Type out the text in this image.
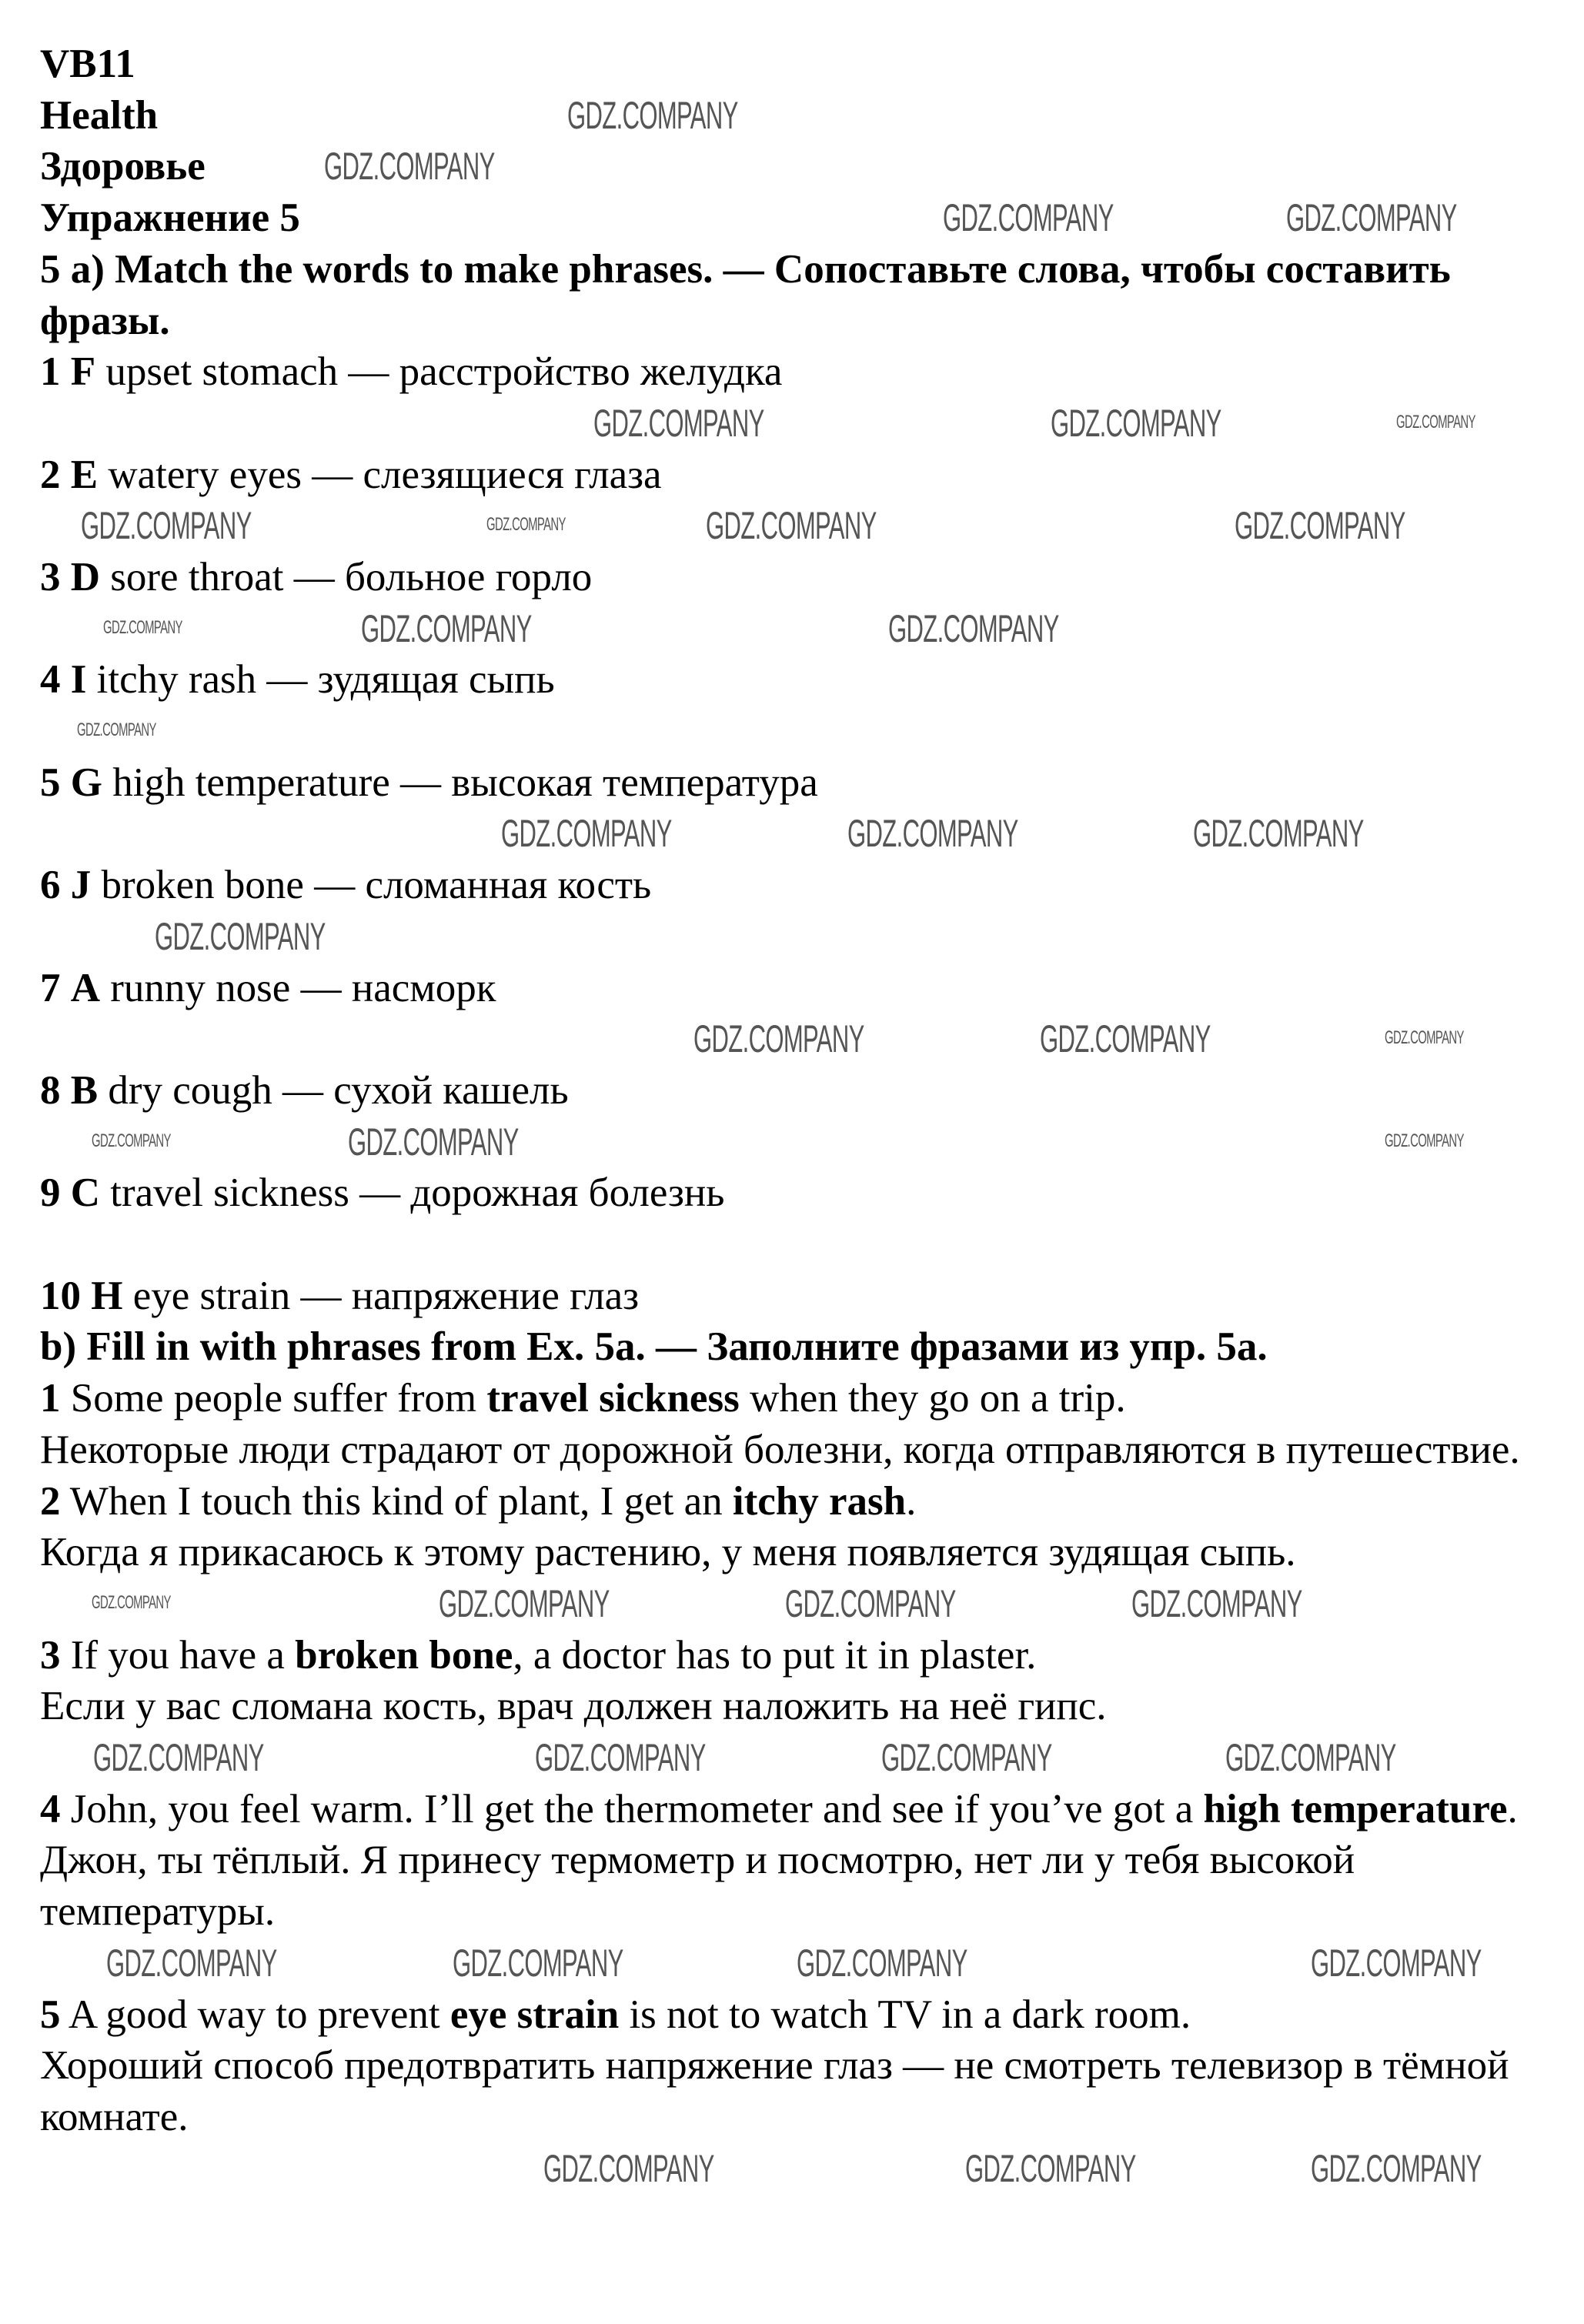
VB11

Health	GDZ.COMPANY

Здоровье	GDZ.COMPANY

Упражнение 5	GDZ.COMPANY	GDZ.COMPANY

5 a) Match the words to make phrases. — Сопоставьте слова, чтобы составить фразы.

1 F upset stomach — расстройство желудка

GDZ.COMPANY	GDZ.COMPANY	GDZ.COMPANY

2 E watery eyes — слезящиеся глаза

GDZ.COMPANY	GDZ.COMPANY	GDZ.COMPANY	GDZ.COMPANY

3 D sore throat — больное горло

GDZ.COMPANY	GDZ.COMPANY	GDZ.COMPANY

4 I itchy rash — зудящая сыпь

GDZ.COMPANY

5 G high temperature — высокая температура

GDZ.COMPANY	GDZ.COMPANY	GDZ.COMPANY

6 J broken bone — сломанная кость

GDZ.COMPANY

7 A runny nose — насморк

GDZ.COMPANY	GDZ.COMPANY	GDZ.COMPANY

8 B dry cough — сухой кашель

GDZ.COMPANY
GDZ.COMPANY	GDZ.COMPANY

9 C travel sickness — дорожная болезнь

10 H eye strain — напряжение глаз

b) Fill in with phrases from Ex. 5a. — Заполните фразами из упр. 5a.

1 Some people suffer from travel sickness when they go on a trip.

Некоторые люди страдают от дорожной болезни, когда отправляются в путешествие.

2 When I touch this kind of plant, I get an itchy rash.

Когда я прикасаюсь к этому растению, у меня появляется зудящая сыпь.

GDZ.COMPANY	GDZ.COMPANY	GDZ.COMPANY	GDZ.COMPANY

3 If you have a broken bone, a doctor has to put it in plaster.

Если у вас сломана кость, врач должен наложить на неё гипс.

GDZ.COMPANY	GDZ.COMPANY	GDZ.COMPANY	GDZ.COMPANY

4 John, you feel warm. I’ll get the thermometer and see if you’ve got a high temperature.

Джон, ты тёплый. Я принесу термометр и посмотрю, нет ли у тебя высокой температуры.

GDZ.COMPANY	GDZ.COMPANY	GDZ.COMPANY	GDZ.COMPANY

5 A good way to prevent eye strain is not to watch TV in a dark room.

Хороший способ предотвратить напряжение глаз — не смотреть телевизор в тёмной комнате.

GDZ.COMPANY	GDZ.COMPANY	GDZ.COMPANY
